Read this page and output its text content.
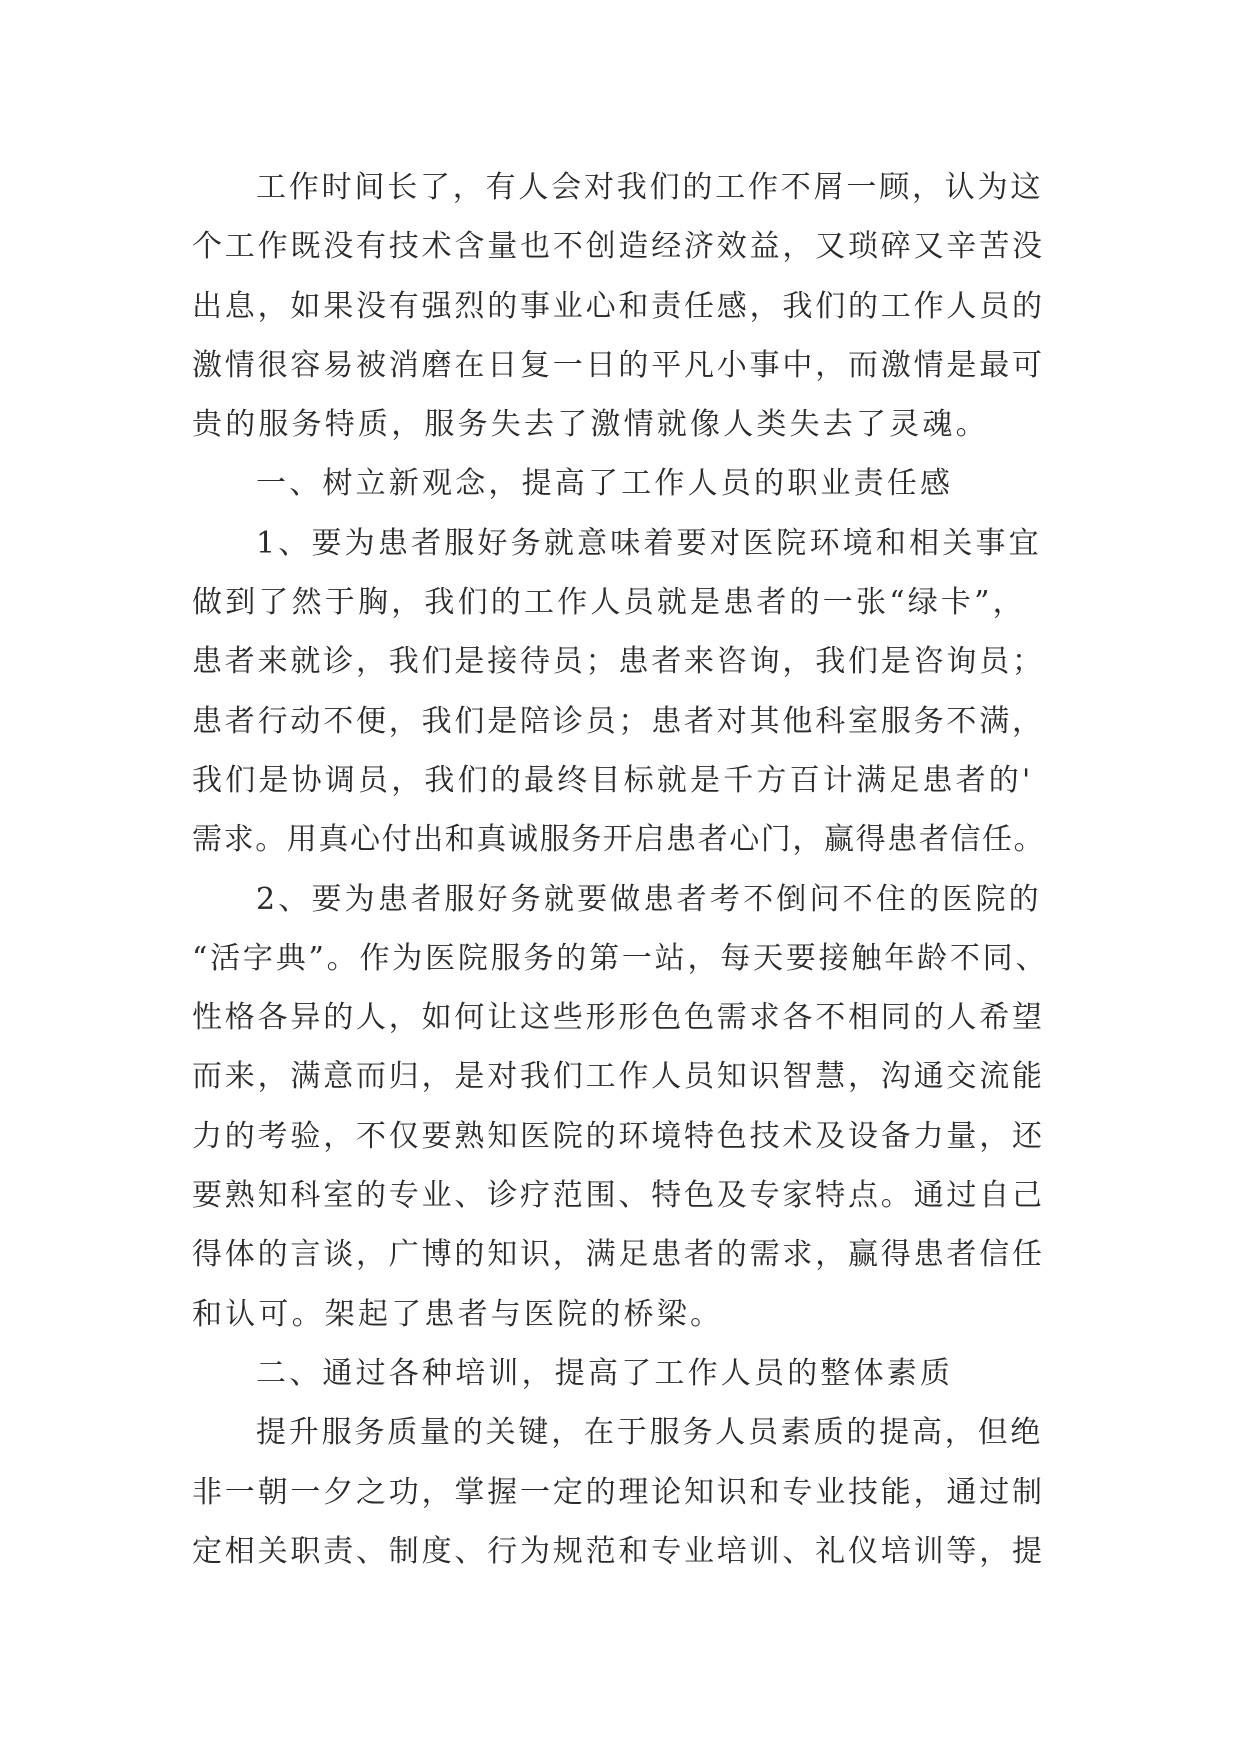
工作时间长了，有人会对我们的工作不屑一顾，认为这
个工作既没有技术含量也不创造经济效益，又琐碎又辛苦没
出息，如果没有强烈的事业心和责任感，我们的工作人员的
激情很容易被消磨在日复一日的平凡小事中，而激情是最可
贵的服务特质，服务失去了激情就像人类失去了灵魂。
一、树立新观念，提高了工作人员的职业责任感
1、要为患者服好务就意味着要对医院环境和相关事宜
做到了然于胸，我们的工作人员就是患者的一张“绿卡”，
患者来就诊，我们是接待员；患者来咨询，我们是咨询员；
患者行动不便，我们是陪诊员；患者对其他科室服务不满，
我们是协调员，我们的最终目标就是千方百计满足患者的'
需求。用真心付出和真诚服务开启患者心门，赢得患者信任。
2、要为患者服好务就要做患者考不倒问不住的医院的
“活字典”。作为医院服务的第一站，每天要接触年龄不同、
性格各异的人，如何让这些形形色色需求各不相同的人希望
而来，满意而归，是对我们工作人员知识智慧，沟通交流能
力的考验，不仅要熟知医院的环境特色技术及设备力量，还
要熟知科室的专业、诊疗范围、特色及专家特点。通过自己
得体的言谈，广博的知识，满足患者的需求，赢得患者信任
和认可。架起了患者与医院的桥梁。
二、通过各种培训，提高了工作人员的整体素质
提升服务质量的关键，在于服务人员素质的提高，但绝
非一朝一夕之功，掌握一定的理论知识和专业技能，通过制
定相关职责、制度、行为规范和专业培训、礼仪培训等，提
